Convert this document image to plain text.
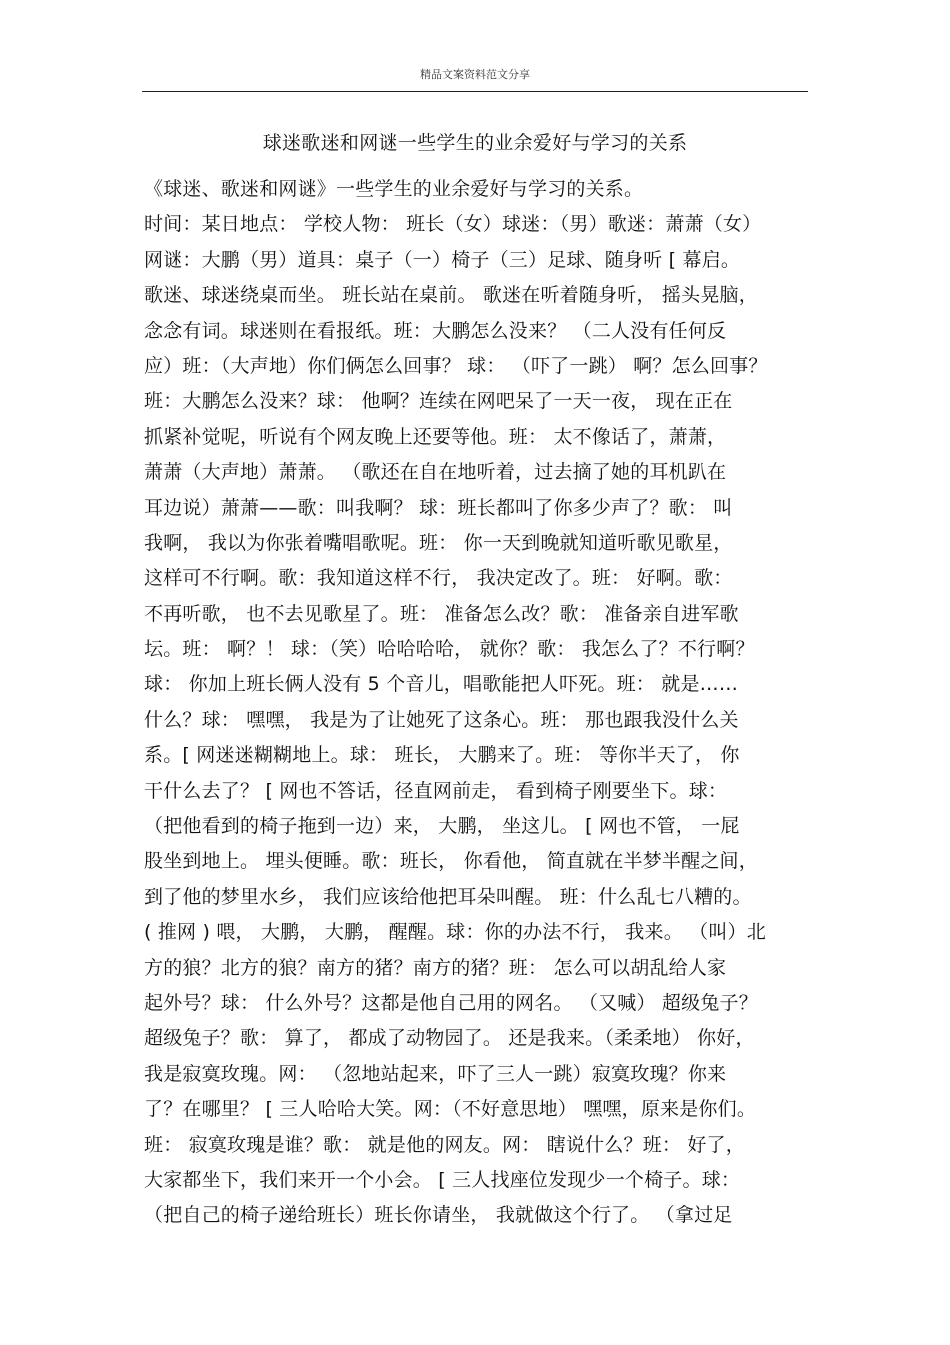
精品文案资料范文分享
球迷歌迷和网谜一些学生的业余爱好与学习的关系
《球迷、歌迷和网谜》一些学生的业余爱好与学习的关系。
时间：某日地点： 学校人物： 班长（女）球迷：（男）歌迷：萧萧（女）
网谜：大鹏（男）道具：桌子（一）椅子（三）足球、随身听 [ 幕启。
歌迷、球迷绕桌而坐。 班长站在桌前。 歌迷在听着随身听， 摇头晃脑，
念念有词。球迷则在看报纸。班：大鹏怎么没来？ （二人没有任何反
应）班：（大声地）你们俩怎么回事？ 球： （吓了一跳） 啊？怎么回事？
班：大鹏怎么没来？球： 他啊？连续在网吧呆了一天一夜， 现在正在
抓紧补觉呢，听说有个网友晚上还要等他。班： 太不像话了，萧萧，
萧萧（大声地）萧萧。 （歌还在自在地听着，过去摘了她的耳机趴在
耳边说）萧萧——歌：叫我啊？ 球：班长都叫了你多少声了？歌： 叫
我啊， 我以为你张着嘴唱歌呢。班： 你一天到晚就知道听歌见歌星，
这样可不行啊。歌：我知道这样不行， 我决定改了。班： 好啊。歌：
不再听歌， 也不去见歌星了。班： 准备怎么改？歌： 准备亲自进军歌
坛。班： 啊？！ 球：（笑）哈哈哈哈， 就你？歌： 我怎么了？不行啊？
球： 你加上班长俩人没有 5 个音儿，唱歌能把人吓死。班： 就是……
什么？球： 嘿嘿， 我是为了让她死了这条心。班： 那也跟我没什么关
系。[ 网迷迷糊糊地上。球： 班长， 大鹏来了。班： 等你半天了， 你
干什么去了？ [ 网也不答话，径直网前走， 看到椅子刚要坐下。球：
（把他看到的椅子拖到一边）来， 大鹏， 坐这儿。 [ 网也不管， 一屁
股坐到地上。 埋头便睡。歌：班长， 你看他， 简直就在半梦半醒之间，
到了他的梦里水乡， 我们应该给他把耳朵叫醒。 班：什么乱七八糟的。
( 推网 ) 喂， 大鹏， 大鹏， 醒醒。球：你的办法不行， 我来。 （叫）北
方的狼？北方的狼？南方的猪？南方的猪？班： 怎么可以胡乱给人家
起外号？球： 什么外号？这都是他自己用的网名。 （又喊） 超级兔子？
超级兔子？歌： 算了， 都成了动物园了。 还是我来。（柔柔地） 你好，
我是寂寞玫瑰。网： （忽地站起来，吓了三人一跳）寂寞玫瑰？你来
了？在哪里？ [ 三人哈哈大笑。网：（不好意思地） 嘿嘿，原来是你们。
班： 寂寞玫瑰是谁？歌： 就是他的网友。网： 瞎说什么？班： 好了，
大家都坐下，我们来开一个小会。 [ 三人找座位发现少一个椅子。球：
（把自己的椅子递给班长）班长你请坐， 我就做这个行了。 （拿过足
